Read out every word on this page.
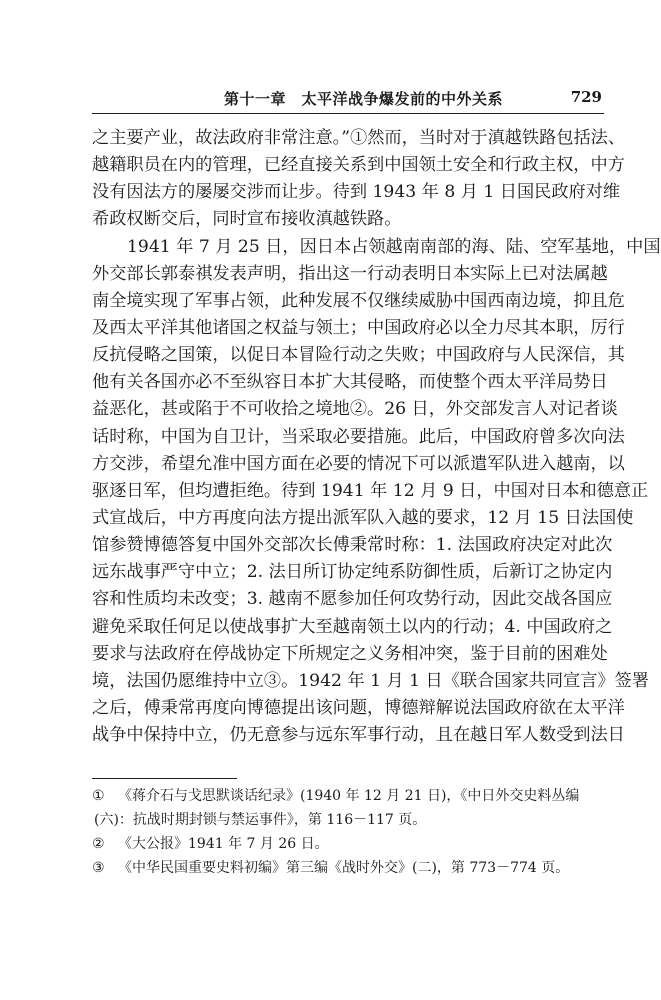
第十一章　太平洋战争爆发前的中外关系	729
之主要产业，故法政府非常注意。”①然而，当时对于滇越铁路包括法、
越籍职员在内的管理，已经直接关系到中国领土安全和行政主权，中方
没有因法方的屡屡交涉而让步。待到 1943 年 8 月 1 日国民政府对维
希政权断交后，同时宣布接收滇越铁路。
1941 年 7 月 25 日，因日本占领越南南部的海、陆、空军基地，中国
外交部长郭泰祺发表声明，指出这一行动表明日本实际上已对法属越
南全境实现了军事占领，此种发展不仅继续威胁中国西南边境，抑且危
及西太平洋其他诸国之权益与领土；中国政府必以全力尽其本职，厉行
反抗侵略之国策，以促日本冒险行动之失败；中国政府与人民深信，其
他有关各国亦必不至纵容日本扩大其侵略，而使整个西太平洋局势日
益恶化，甚或陷于不可收拾之境地②。26 日，外交部发言人对记者谈
话时称，中国为自卫计，当采取必要措施。此后，中国政府曾多次向法
方交涉，希望允准中国方面在必要的情况下可以派遣军队进入越南，以
驱逐日军，但均遭拒绝。待到 1941 年 12 月 9 日，中国对日本和德意正
式宣战后，中方再度向法方提出派军队入越的要求，12 月 15 日法国使
馆参赞博德答复中国外交部次长傅秉常时称：1. 法国政府决定对此次
远东战事严守中立；2. 法日所订协定纯系防御性质，后新订之协定内
容和性质均未改变；3. 越南不愿参加任何攻势行动，因此交战各国应
避免采取任何足以使战事扩大至越南领土以内的行动；4. 中国政府之
要求与法政府在停战协定下所规定之义务相冲突，鉴于目前的困难处
境，法国仍愿维持中立③。1942 年 1 月 1 日《联合国家共同宣言》签署
之后，傅秉常再度向博德提出该问题，博德辩解说法国政府欲在太平洋
战争中保持中立，仍无意参与远东军事行动，且在越日军人数受到法日
① 《蒋介石与戈思默谈话纪录》(1940 年 12 月 21 日)，《中日外交史料丛编
(六)：抗战时期封锁与禁运事件》，第 116－117 页。
② 《大公报》1941 年 7 月 26 日。
③ 《中华民国重要史料初编》第三编《战时外交》(二)，第 773－774 页。
